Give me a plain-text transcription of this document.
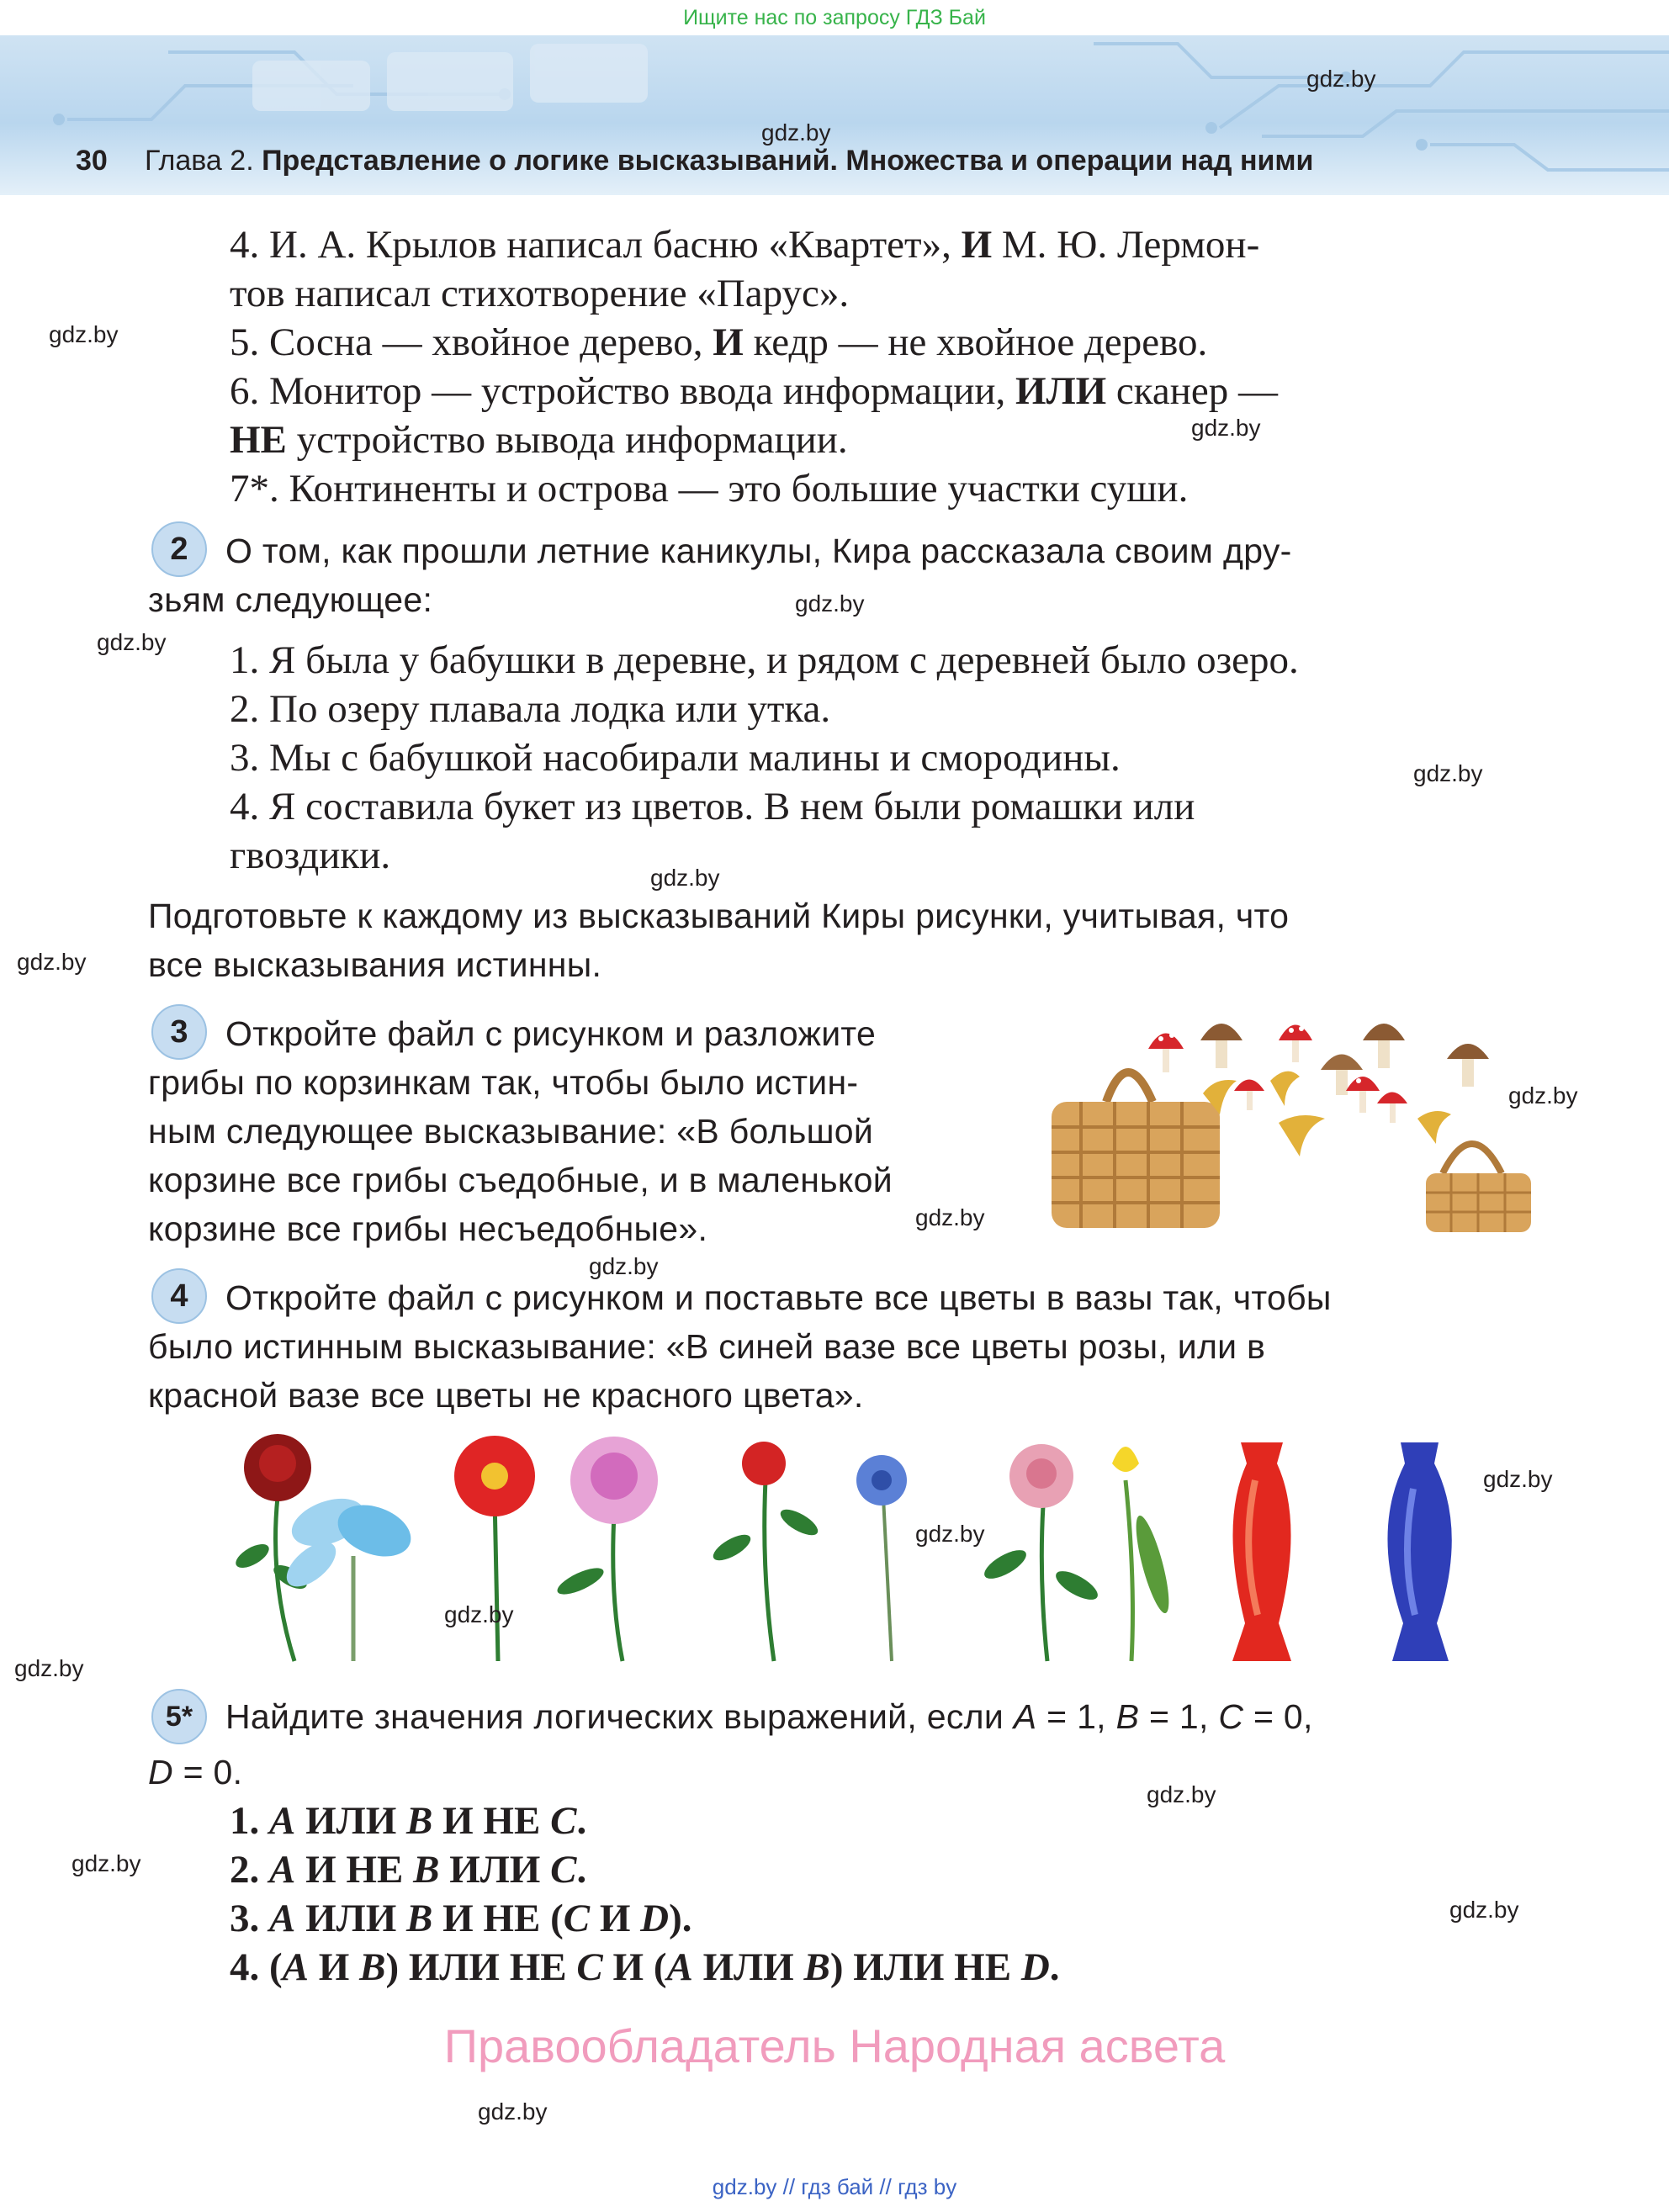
Ищите нас по запросу ГДЗ Бай
gdz.by
gdz.by
30 Глава 2. Представление о логике высказываний. Множества и операции над ними
4. И. А. Крылов написал басню «Квартет», И М. Ю. Лермон-
тов написал стихотворение «Парус».
5. Сосна — хвойное дерево, И кедр — не хвойное дерево.
6. Монитор — устройство ввода информации, ИЛИ сканер —
НЕ устройство вывода информации.
7*. Континенты и острова — это большие участки суши.
gdz.by
gdz.by
2	О том, как прошли летние каникулы, Кира рассказала своим дру-
зьям следующее:	gdz.by
gdz.by 1. Я была у бабушки в деревне, и рядом с деревней было озеро.
2. По озеру плавала лодка или утка.
3. Мы с бабушкой насобирали малины и смородины.
4. Я составила букет из цветов. В нем были ромашки или
гвоздики.
gdz.by
gdz.by
Подготовьте к каждому из высказываний Киры рисунки, учитывая, что
все высказывания истинны.
gdz.by
3	Откройте файл с рисунком и разложите
грибы по корзинкам так, чтобы было истин-
ным следующее высказывание: «В большой
корзине все грибы съедобные, и в маленькой
корзине все грибы несъедобные».	gdz.by
gdz.by
gdz.by
4	Откройте файл с рисунком и поставьте все цветы в вазы так, чтобы
было истинным высказывание: «В синей вазе все цветы розы, или в
красной вазе все цветы не красного цвета».
gdz.by
gdz.by
gdz.by
gdz.by
5* Найдите значения логических выражений, если A = 1, B = 1, C = 0,
D = 0.
gdz.by
1. A ИЛИ B И НЕ C.
2. A И НЕ B ИЛИ C.
3. A ИЛИ B И НЕ (C И D).
4. (A И B) ИЛИ НЕ C И (A ИЛИ B) ИЛИ НЕ D.
gdz.by
gdz.by
Правообладатель Народная асвета
gdz.by
gdz.by // гдз бай // гдз by
